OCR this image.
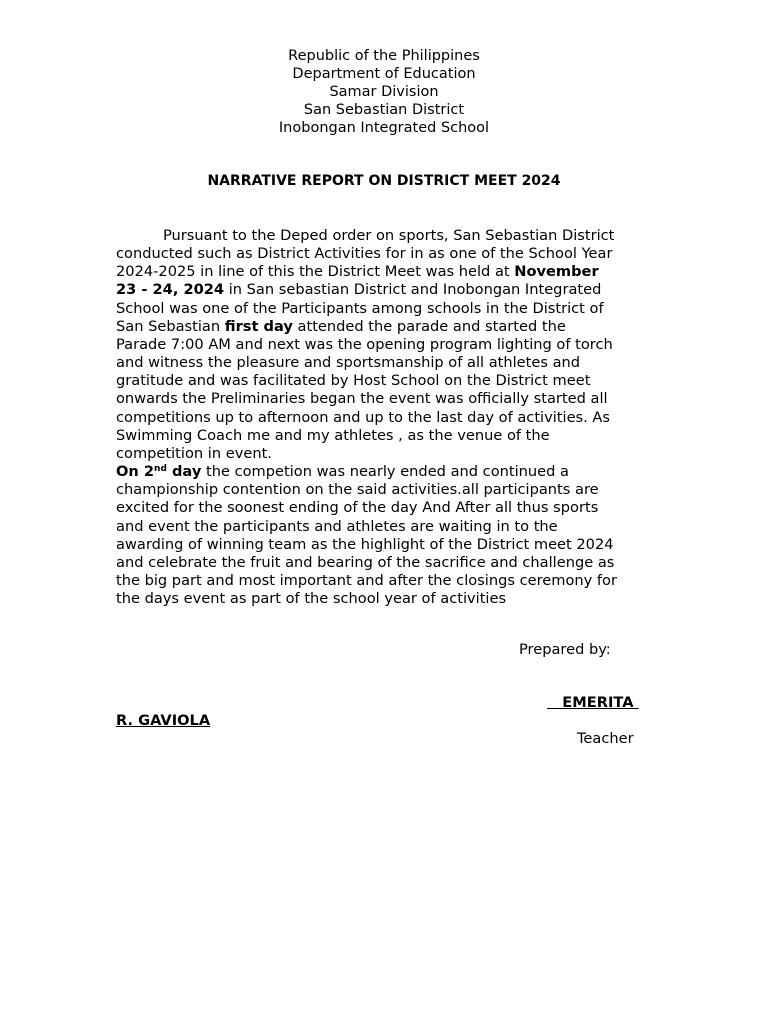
Republic of the Philippines
Department of Education
Samar Division
San Sebastian District
Inobongan Integrated School
NARRATIVE REPORT ON DISTRICT MEET 2024
Pursuant to the Deped order on sports, San Sebastian District
conducted such as District Activities for in as one of the School Year
2024-2025 in line of this the District Meet was held at November
23 - 24, 2024 in San sebastian District and Inobongan Integrated
School was one of the Participants among schools in the District of
San Sebastian first day attended the parade and started the
Parade 7:00 AM and next was the opening program lighting of torch
and witness the pleasure and sportsmanship of all athletes and
gratitude and was facilitated by Host School on the District meet
onwards the Preliminaries began the event was officially started all
competitions up to afternoon and up to the last day of activities. As
Swimming Coach me and my athletes , as the venue of the
competition in event.
On 2nd day the competion was nearly ended and continued a
championship contention on the said activities.all participants are
excited for the soonest ending of the day And After all thus sports
and event the participants and athletes are waiting in to the
awarding of winning team as the highlight of the District meet 2024
and celebrate the fruit and bearing of the sacrifice and challenge as
the big part and most important and after the closings ceremony for
the days event as part of the school year of activities
Prepared by:
EMERITA
R. GAVIOLA
Teacher
